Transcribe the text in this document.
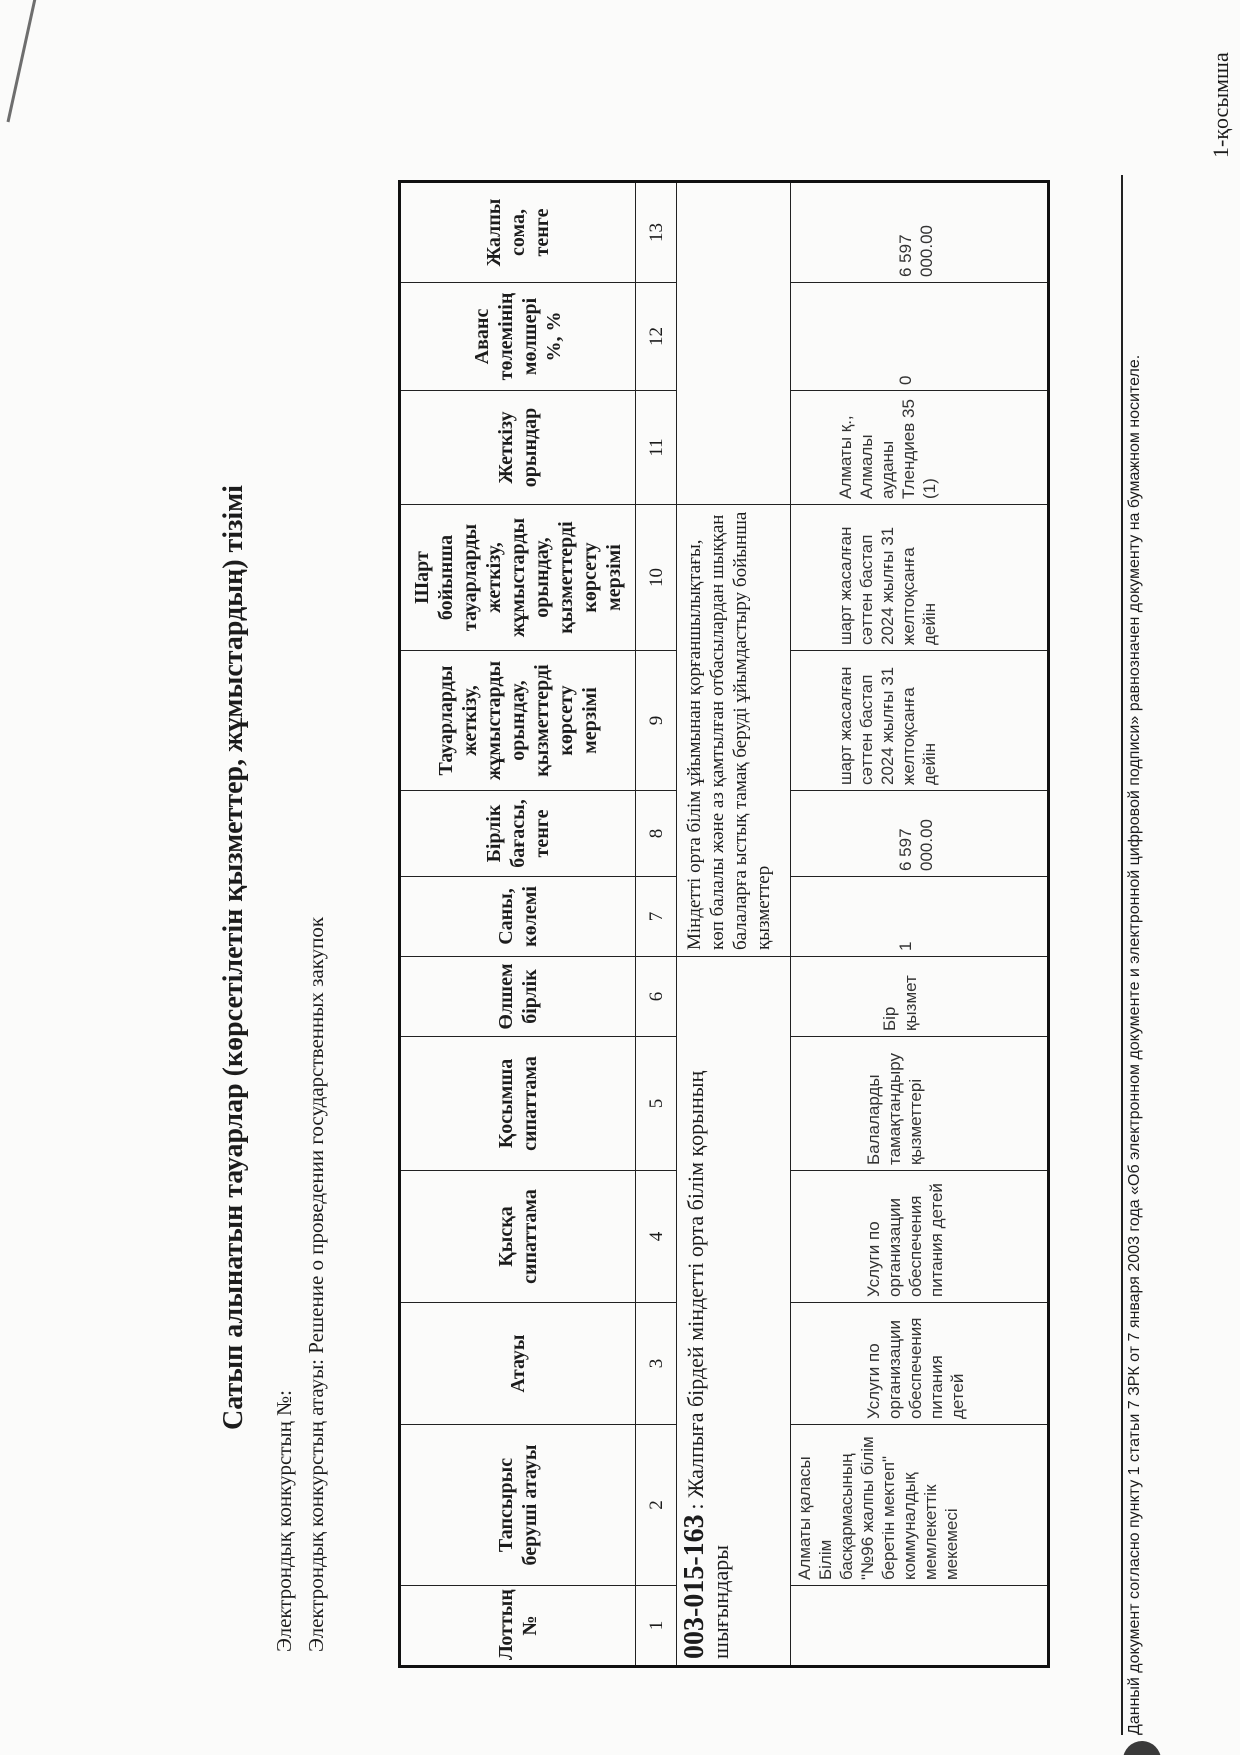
1-қосымша
Сатып алынатын тауарлар (көрсетілетін қызметтер, жұмыстардың) тізімі
Электрондық конкурстың №: Электрондық конкурстың атауы: Решение о проведении государственных закупок	Лоттың №	Тапсырыс беруші атауы	Атауы	Қысқа сипаттама	Қосымша сипаттама	Өлшем бірлік	Саны, көлемі	Бірлік бағасы, тенге	Тауарларды жеткізу, жұмыстарды орындау, қызметтерді көрсету мерзімі	Шарт бойынша тауарларды жеткізу, жұмыстарды орындау, қызметтерді көрсету мерзімі	Жеткізу орындар	Аванс төлемінің мөлшері %, %	Жалпы сома, тенге
1	2	3	4	5	6	7	8	9	10	11	12	13
003-015-163 : Жалпыға бірдей міндетті орта білім қорының шығындары						Міндетті орта білім ұйымынан қорғаншылықтағы, көп балалы және аз қамтылған отбасылардан шыққан балаларға ыстық тамақ беруді ұйымдастыру бойынша қызметтер						
	Алматы қаласы Білім басқармасының "№96 жалпы білім беретін мектеп" коммуналдық мемлекеттік мекемесі	Услуги по организации обеспечения питания детей	Услуги по организации обеспечения питания детей	Балаларды тамақтандыру қызметтері	Бір қызмет	1	6 597 000.00	шарт жасалған сәттен бастап 2024 жылғы 31 желтоқсанға дейін	шарт жасалған сәттен бастап 2024 жылғы 31 желтоқсанға дейін	Алматы қ., Алмалы ауданы Тлендиев 35 (1)	0	6 597 000.00
Данный документ согласно пункту 1 статьи 7 ЗРК от 7 января 2003 года «Об электронном документе и электронной цифровой подписи» равнозначен документу на бумажном носителе.
